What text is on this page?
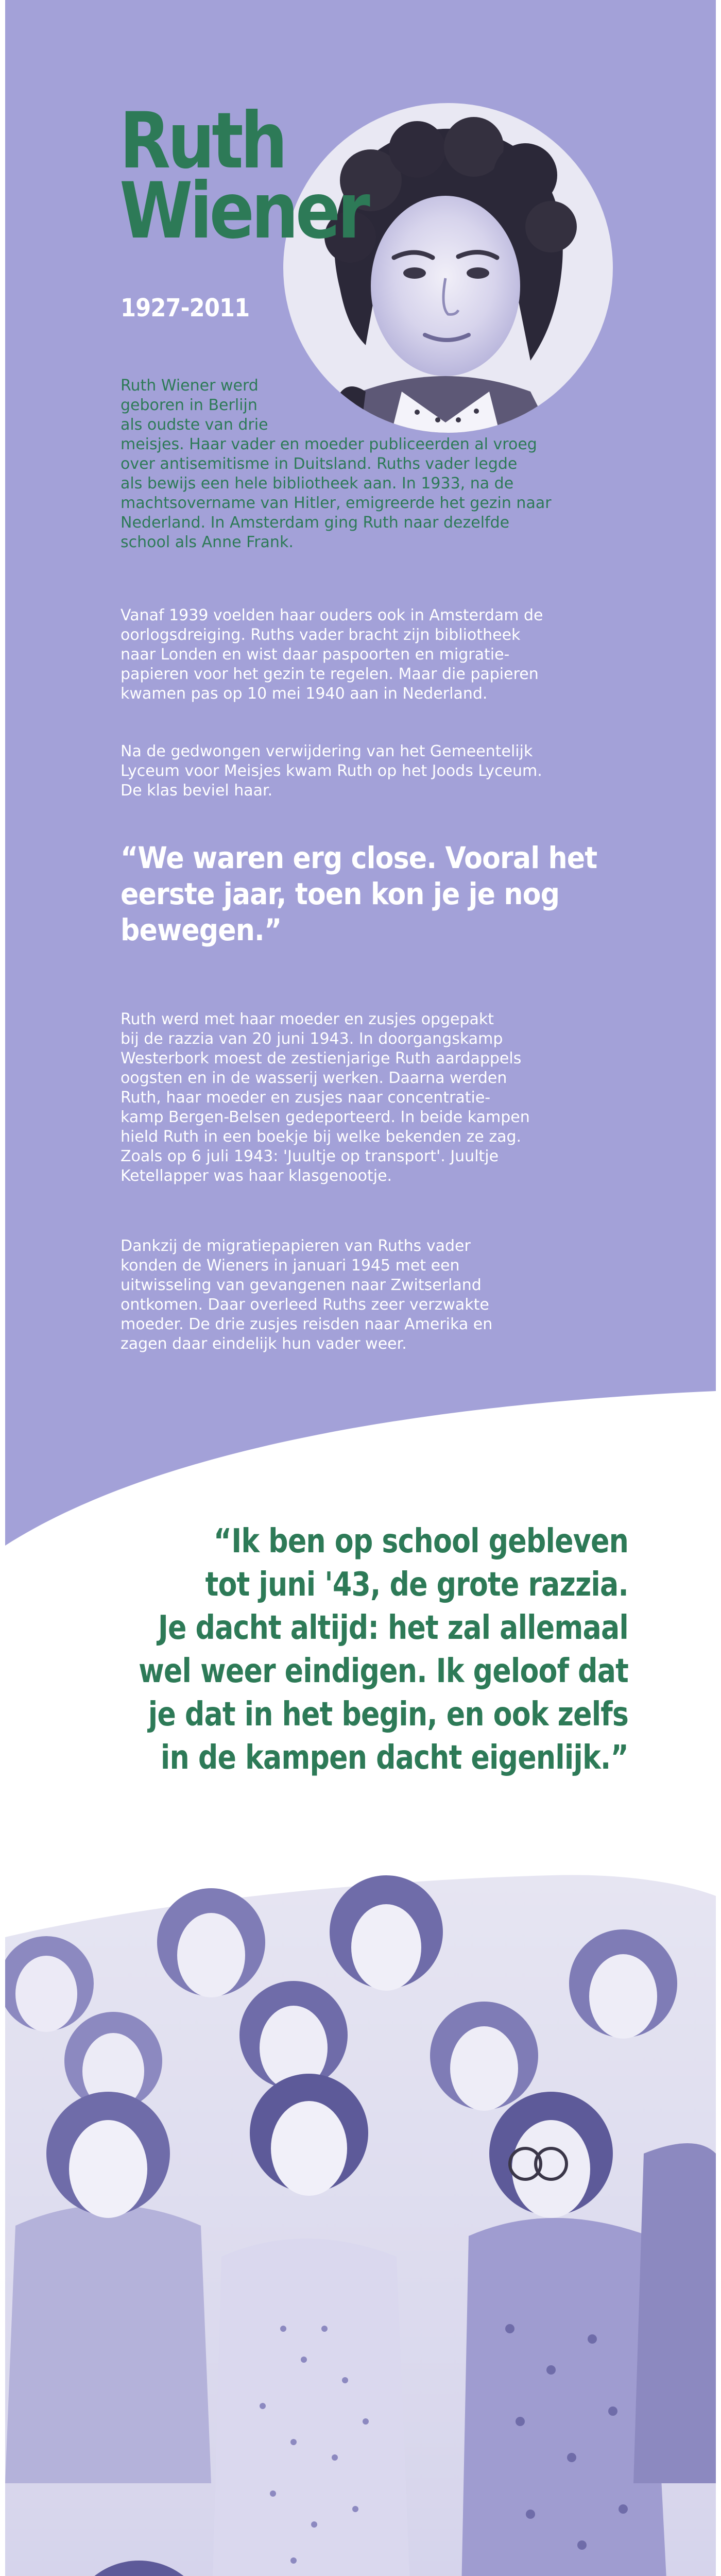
Ruth
Wiener
1927-2011
Ruth Wiener werd
geboren in Berlijn
als oudste van drie
meisjes. Haar vader en moeder publiceerden al vroeg
over antisemitisme in Duitsland. Ruths vader legde
als bewijs een hele bibliotheek aan. In 1933, na de
machtsovername van Hitler, emigreerde het gezin naar
Nederland. In Amsterdam ging Ruth naar dezelfde
school als Anne Frank.
Vanaf 1939 voelden haar ouders ook in Amsterdam de
oorlogsdreiging. Ruths vader bracht zijn bibliotheek
naar Londen en wist daar paspoorten en migratie-
papieren voor het gezin te regelen. Maar die papieren
kwamen pas op 10 mei 1940 aan in Nederland.
Na de gedwongen verwijdering van het Gemeentelijk
Lyceum voor Meisjes kwam Ruth op het Joods Lyceum.
De klas beviel haar.
“We waren erg close. Vooral het
eerste jaar, toen kon je je nog
bewegen.”
Ruth werd met haar moeder en zusjes opgepakt
bij de razzia van 20 juni 1943. In doorgangskamp
Westerbork moest de zestienjarige Ruth aardappels
oogsten en in de wasserij werken. Daarna werden
Ruth, haar moeder en zusjes naar concentratie-
kamp Bergen-Belsen gedeporteerd. In beide kampen
hield Ruth in een boekje bij welke bekenden ze zag.
Zoals op 6 juli 1943: 'Juultje op transport'. Juultje
Ketellapper was haar klasgenootje.
Dankzij de migratiepapieren van Ruths vader
konden de Wieners in januari 1945 met een
uitwisseling van gevangenen naar Zwitserland
ontkomen. Daar overleed Ruths zeer verzwakte
moeder. De drie zusjes reisden naar Amerika en
zagen daar eindelijk hun vader weer.
“Ik ben op school gebleven
tot juni '43, de grote razzia.
Je dacht altijd: het zal allemaal
wel weer eindigen. Ik geloof dat
je dat in het begin, en ook zelfs
in de kampen dacht eigenlijk.”
